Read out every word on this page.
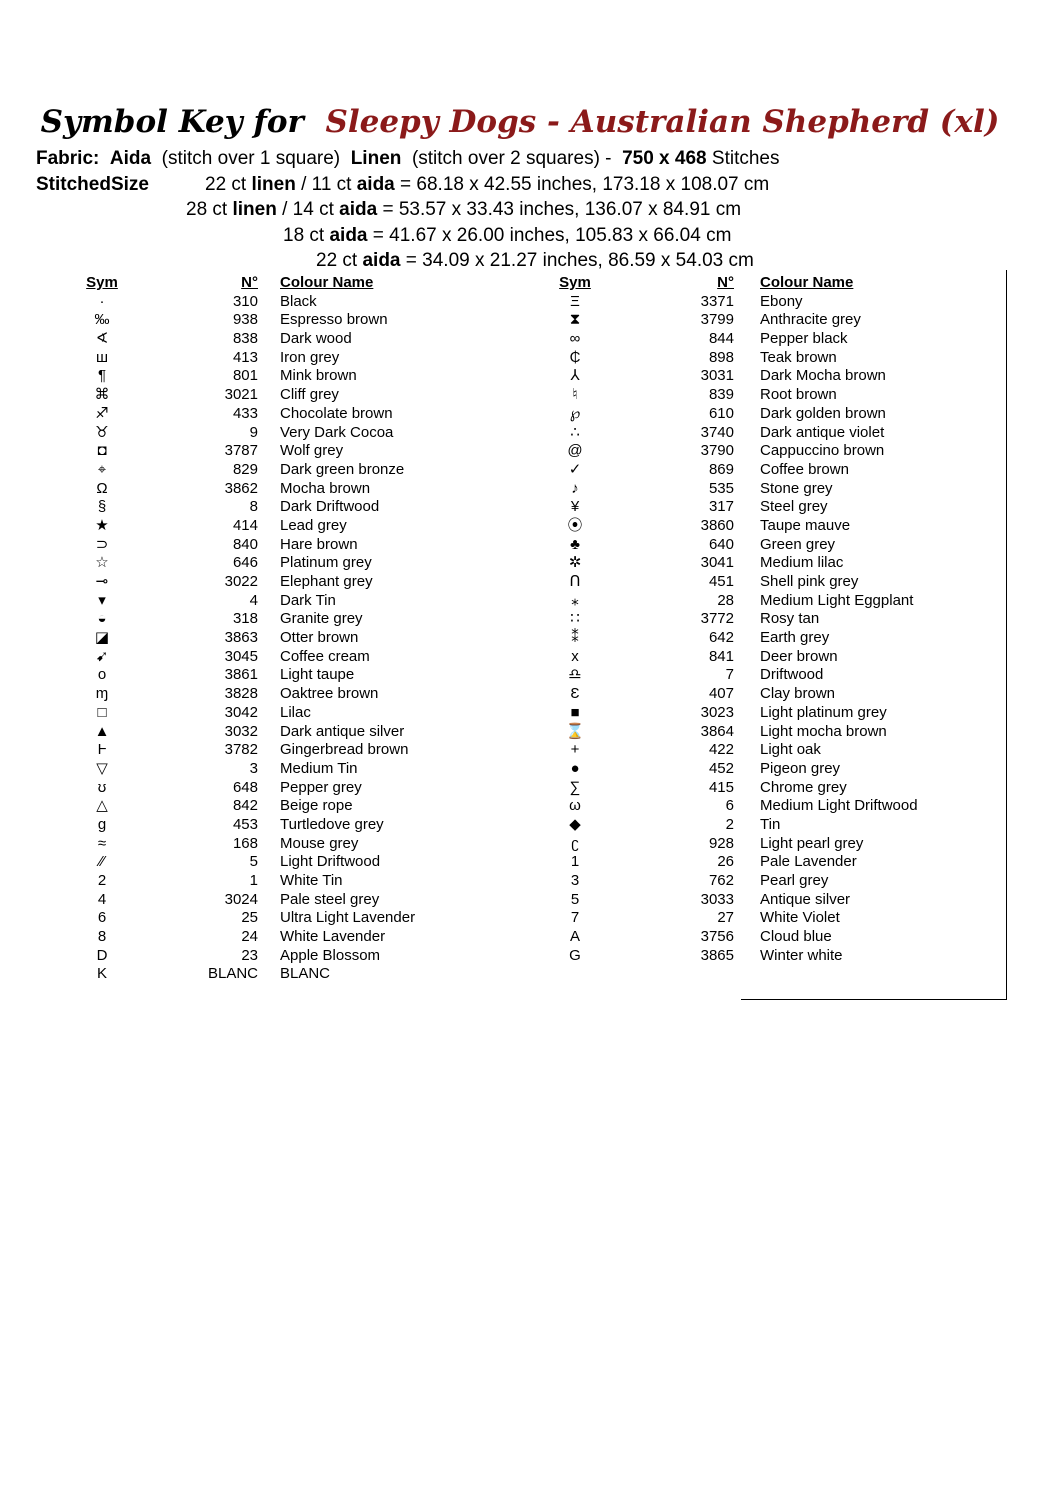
Symbol Key for Sleepy Dogs - Australian Shepherd (xl)
Fabric: Aida (stitch over 1 square) Linen (stitch over 2 squares) - 750 x 468 Stitches
StitchedSize	22 ct linen / 11 ct aida = 68.18 x 42.55 inches, 173.18 x 108.07 cm
28 ct linen / 14 ct aida = 53.57 x 33.43 inches, 136.07 x 84.91 cm
18 ct aida = 41.67 x 26.00 inches, 105.83 x 66.04 cm
22 ct aida = 34.09 x 21.27 inches, 86.59 x 54.03 cm
Sym	N° Colour Name
·	310 Black
‰	938 Espresso brown
∢	838 Dark wood
ш	413 Iron grey
¶	801 Mink brown
⌘	3021 Cliff grey
♐	433 Chocolate brown
♉	9 Very Dark Cocoa
◘	3787 Wolf grey
⌖	829 Dark green bronze
Ω	3862 Mocha brown
§	8 Dark Driftwood
★	414 Lead grey
⊃	840 Hare brown
☆	646 Platinum grey
⊸	3022 Elephant grey
▾	4 Dark Tin
◒	318 Granite grey
◪	3863 Otter brown
➹	3045 Coffee cream
o	3861 Light taupe
ɱ	3828 Oaktree brown
□	3042 Lilac
▲	3032 Dark antique silver
Ⱶ	3782 Gingerbread brown
▽	3 Medium Tin
ʊ	648 Pepper grey
△	842 Beige rope
g	453 Turtledove grey
≈	168 Mouse grey
⁄⁄	5 Light Driftwood
2	1 White Tin
4	3024 Pale steel grey
6	25 Ultra Light Lavender
8	24 White Lavender
D	23 Apple Blossom
K	BLANC BLANC
Sym	N° Colour Name
Ξ	3371 Ebony
⧗	3799 Anthracite grey
∞	844 Pepper black
₵	898 Teak brown
⅄	3031 Dark Mocha brown
♮	839 Root brown
℘	610 Dark golden brown
∴	3740 Dark antique violet
@	3790 Cappuccino brown
✓	869 Coffee brown
♪	535 Stone grey
¥	317 Steel grey
⦿	3860 Taupe mauve
♣	640 Green grey
✲	3041 Medium lilac
ꓵ	451 Shell pink grey
⁎	28 Medium Light Eggplant
∷	3772 Rosy tan
⁑	642 Earth grey
x	841 Deer brown
♎	7 Driftwood
Ɛ	407 Clay brown
■	3023 Light platinum grey
⌛	3864 Light mocha brown
+	422 Light oak
●	452 Pigeon grey
∑	415 Chrome grey
ω	6 Medium Light Driftwood
◆	2 Tin
ʗ	928 Light pearl grey
1	26 Pale Lavender
3	762 Pearl grey
5	3033 Antique silver
7	27 White Violet
A	3756 Cloud blue
G	3865 Winter white
